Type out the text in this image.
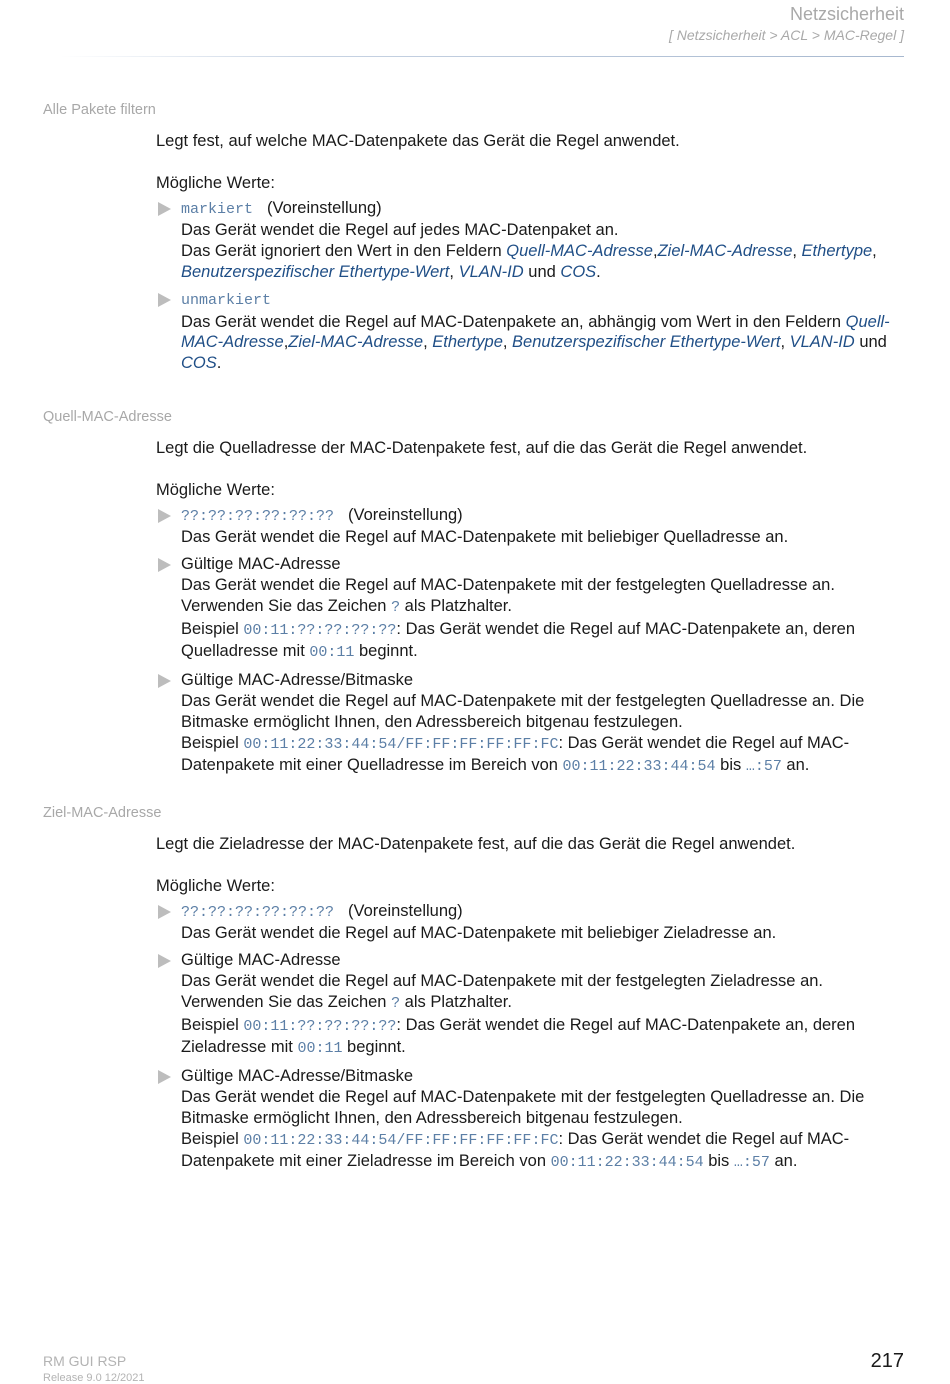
Netzsicherheit
[ Netzsicherheit > ACL > MAC-Regel ]
Alle Pakete filtern

Legt fest, auf welche MAC-Datenpakete das Gerät die Regel anwendet.

Mögliche Werte:

markiert (Voreinstellung)
Das Gerät wendet die Regel auf jedes MAC-Datenpaket an.
Das Gerät ignoriert den Wert in den Feldern Quell-MAC-Adresse,Ziel-MAC-Adresse, Ethertype, Benutzerspezifischer Ethertype-Wert, VLAN-ID und COS.
unmarkiert
Das Gerät wendet die Regel auf MAC-Datenpakete an, abhängig vom Wert in den Feldern Quell-MAC-Adresse,Ziel-MAC-Adresse, Ethertype, Benutzerspezifischer Ethertype-Wert, VLAN-ID und COS.
Quell-MAC-Adresse

Legt die Quelladresse der MAC-Datenpakete fest, auf die das Gerät die Regel anwendet.

Mögliche Werte:

??:??:??:??:??:?? (Voreinstellung)
Das Gerät wendet die Regel auf MAC-Datenpakete mit beliebiger Quelladresse an.
Gültige MAC-Adresse
Das Gerät wendet die Regel auf MAC-Datenpakete mit der festgelegten Quelladresse an.
Verwenden Sie das Zeichen ? als Platzhalter.
Beispiel 00:11:??:??:??:??: Das Gerät wendet die Regel auf MAC-Datenpakete an, deren Quelladresse mit 00:11 beginnt.
Gültige MAC-Adresse/Bitmaske
Das Gerät wendet die Regel auf MAC-Datenpakete mit der festgelegten Quelladresse an. Die Bitmaske ermöglicht Ihnen, den Adressbereich bitgenau festzulegen.
Beispiel 00:11:22:33:44:54/FF:FF:FF:FF:FF:FC: Das Gerät wendet die Regel auf MAC-Datenpakete mit einer Quelladresse im Bereich von 00:11:22:33:44:54 bis …:57 an.
Ziel-MAC-Adresse

Legt die Zieladresse der MAC-Datenpakete fest, auf die das Gerät die Regel anwendet.

Mögliche Werte:

??:??:??:??:??:?? (Voreinstellung)
Das Gerät wendet die Regel auf MAC-Datenpakete mit beliebiger Zieladresse an.
Gültige MAC-Adresse
Das Gerät wendet die Regel auf MAC-Datenpakete mit der festgelegten Zieladresse an.
Verwenden Sie das Zeichen ? als Platzhalter.
Beispiel 00:11:??:??:??:??: Das Gerät wendet die Regel auf MAC-Datenpakete an, deren Zieladresse mit 00:11 beginnt.
Gültige MAC-Adresse/Bitmaske
Das Gerät wendet die Regel auf MAC-Datenpakete mit der festgelegten Quelladresse an. Die Bitmaske ermöglicht Ihnen, den Adressbereich bitgenau festzulegen.
Beispiel 00:11:22:33:44:54/FF:FF:FF:FF:FF:FC: Das Gerät wendet die Regel auf MAC-Datenpakete mit einer Zieladresse im Bereich von 00:11:22:33:44:54 bis …:57 an.
RM GUI RSP
Release 9.0 12/2021
217
